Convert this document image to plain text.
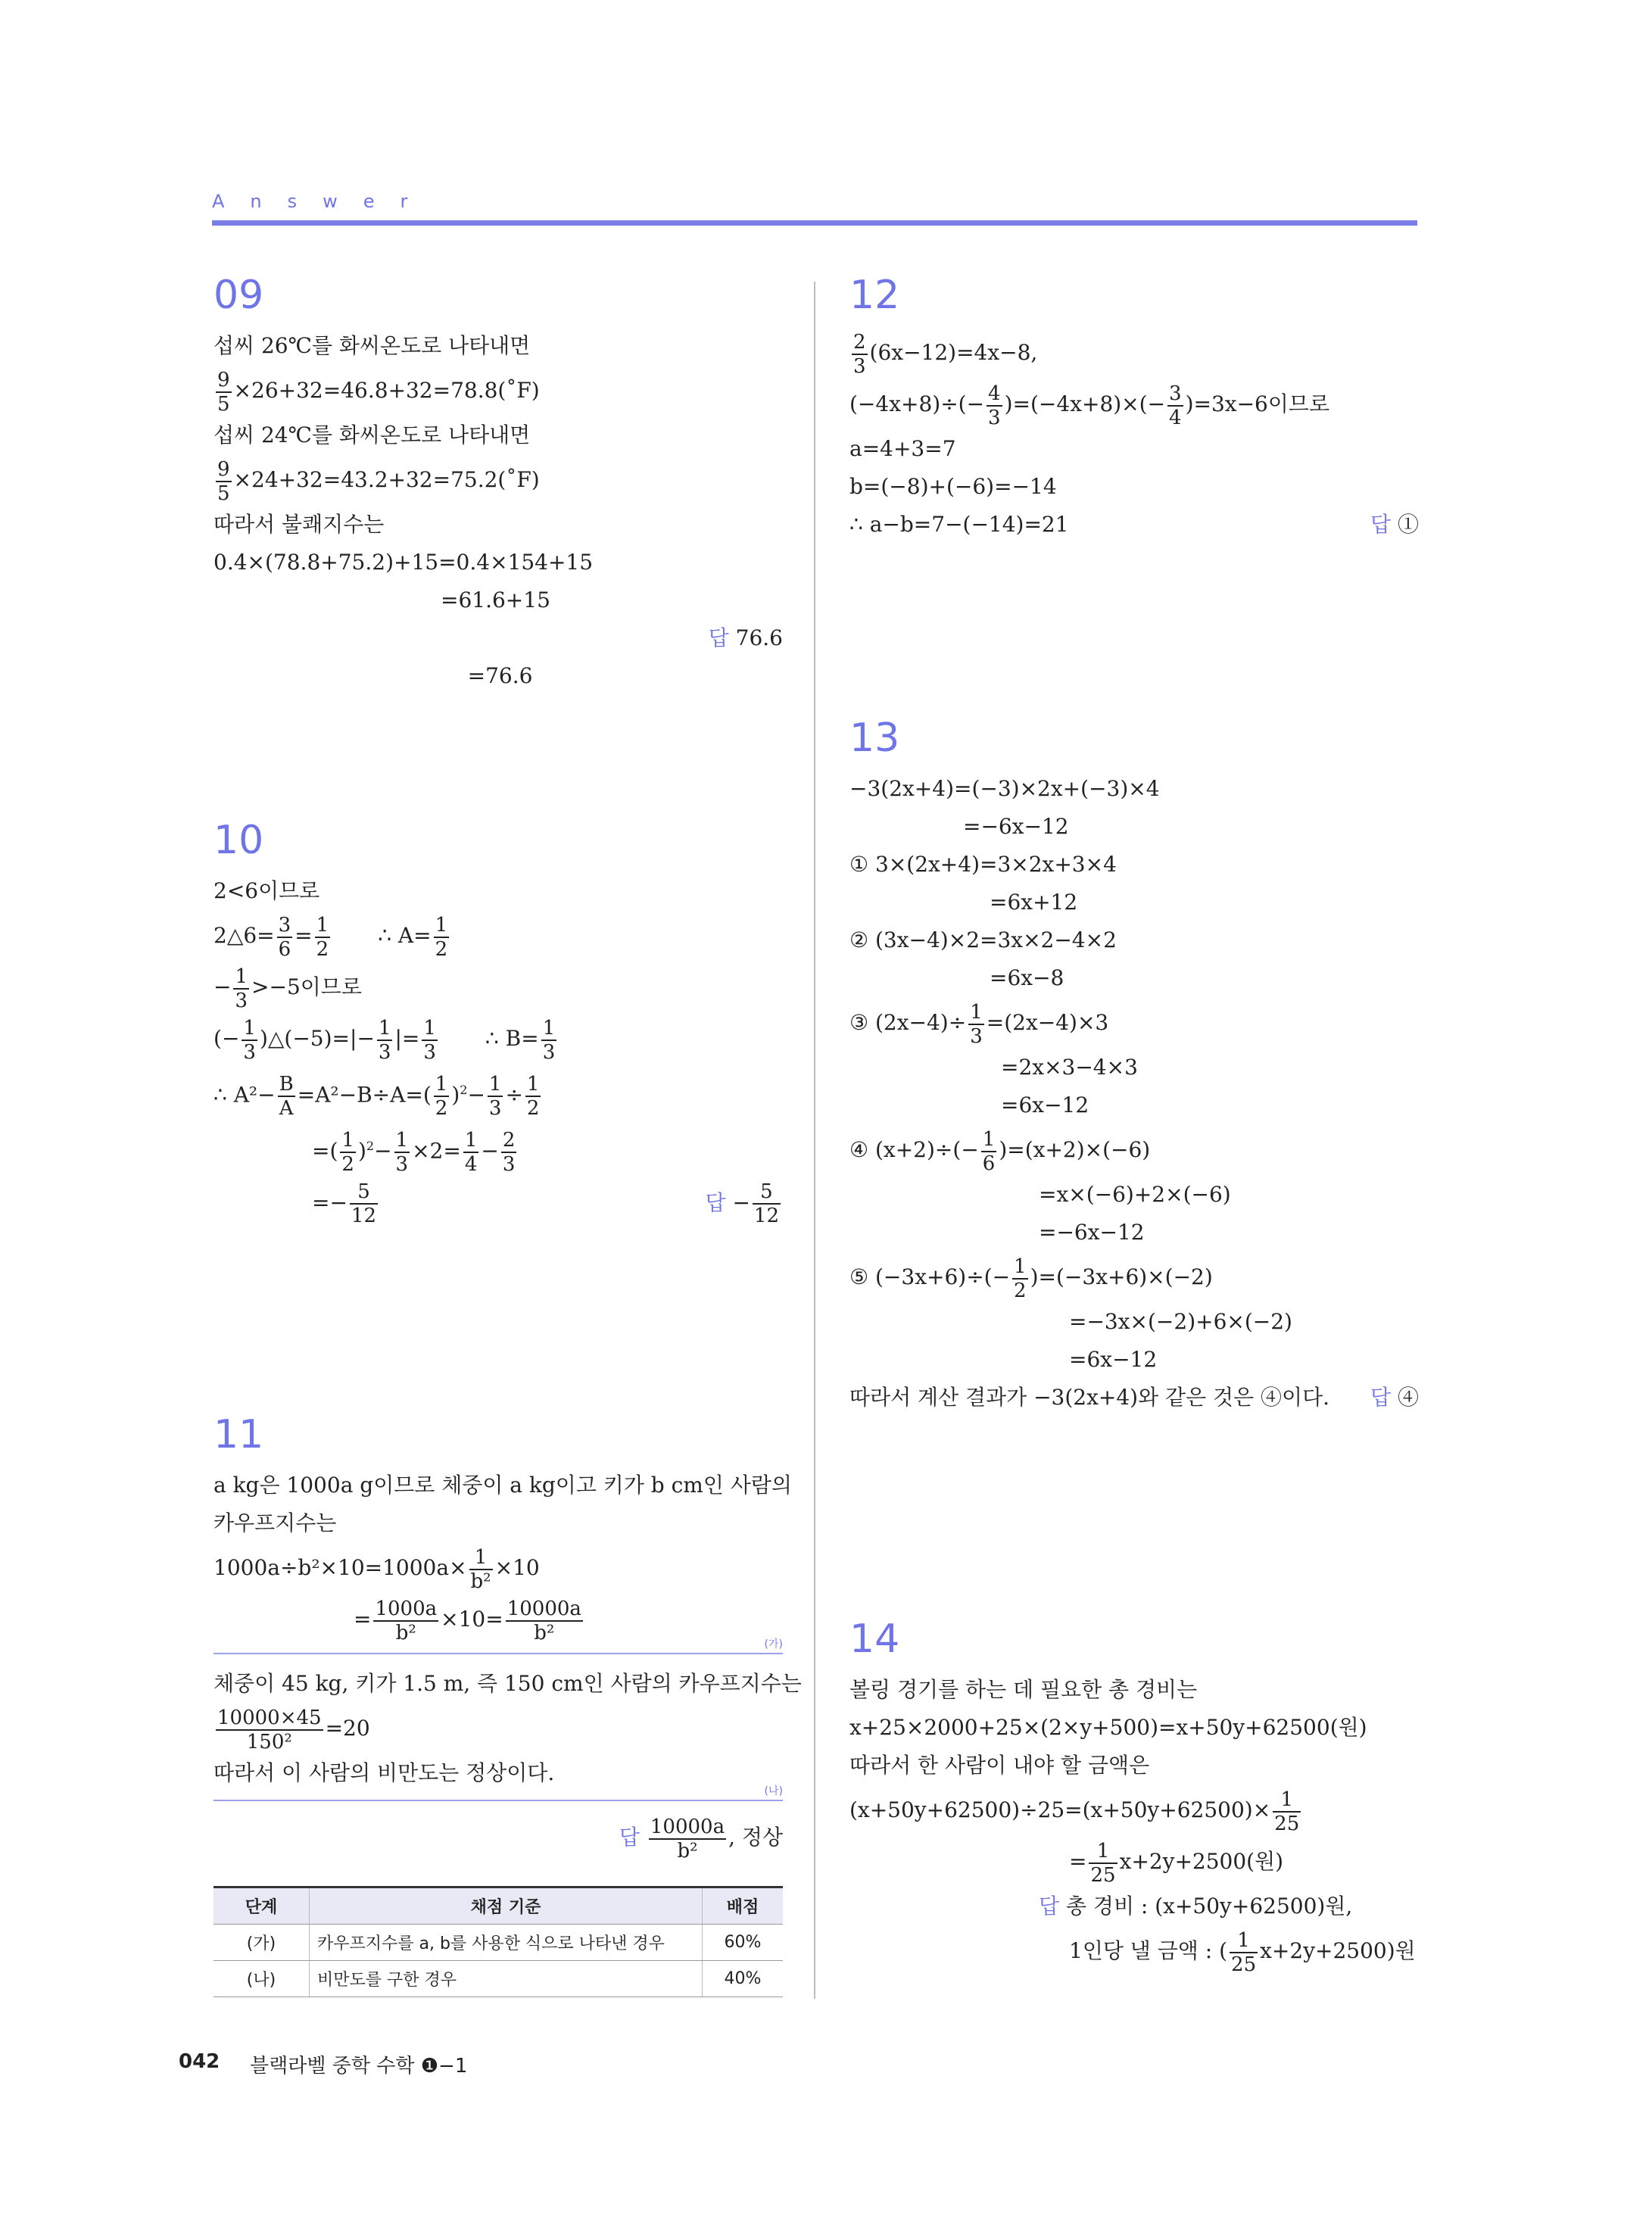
Answer
09
섭씨 26℃를 화씨온도로 나타내면
$\frac{9}{5}$ ×26+32=46.8+32=78.8(˚F)
섭씨 24℃를 화씨온도로 나타내면
$\frac{9}{5}$ ×24+32=43.2+32=75.2(˚F)
따라서 불쾌지수는
0.4×(78.8+75.2)+15=0.4×154+15
=61.6+15

=76.6

답 76.6

10
2<6이므로
2△6= $\frac{3}{6} = \frac{1}{2}$ ∴ $A= \frac{1}{2}$
− $\frac{1}{3} >-5$이므로
(− $\frac{1}{3}$ )△(−5)=|− $\frac{1}{3}$ |= $\frac{1}{3}$ ∴ $B= \frac{1}{3}$
∴ $A^2- \frac{B}{A} =A^2-B\div A=( \frac{1}{2} )^2- \frac{1}{3} \div \frac{1}{2}$
=( $\frac{1}{2} )^2- \frac{1}{3} \times 2= \frac{1}{4} - \frac{2}{3}$
=− $\frac{5}{12}$

	답 − $\frac{5}{12}$

11
a kg은 1000a g이므로 체중이 a kg이고 키가 b cm인 사람의
카우프지수는
$1000a\div b^2\times 10=1000a\times \frac{1}{\text{b²}} \times 10$
= $\frac{1000a}{\text{b²}} \times 10= \frac{10000a}{\text{b²}}$
(가)
체중이 45 kg, 키가 1.5 m, 즉 150 cm인 사람의 카우프지수는
$\frac{10000\times 45}{\text{150²}} =20$
따라서 이 사람의 비만도는 정상이다.
(나)
답 $\frac{10000a}{\text{b²}}$ , 정상
단계	채점 기준	배점
(가)	카우프지수를 a, b를 사용한 식으로 나타낸 경우	60%
(나)	비만도를 구한 경우	40%
12
$\frac{2}{3} (6x-12)=4x-8$,
$(-4x+8)\div(- \frac{4}{3} )=(-4x+8)\times(- \frac{3}{4} )=3x-6$이므로
a=4+3=7
b=(−8)+(−6)=−14
∴ a−b=7−(−14)=21
	답 ①

13
−3(2x+4)=(−3)×2x+(−3)×4
=−6x−12
① 3×(2x+4)=3×2x+3×4
=6x+12
② (3x−4)×2=3x×2−4×2
=6x−8
③ $(2x-4)\div \frac{1}{3} =(2x-4)\times 3$
=2x×3−4×3
=6x−12
④ $(x+2)\div(- \frac{1}{6} )=(x+2)\times(-6)$
=x×(−6)+2×(−6)
=−6x−12
⑤ $(-3x+6)\div(- \frac{1}{2} )=(-3x+6)\times(-2)$
=−3x×(−2)+6×(−2)
=6x−12
따라서 계산 결과가 −3(2x+4)와 같은 것은 ④이다.
답 ④

14
볼링 경기를 하는 데 필요한 총 경비는
x+25×2000+25×(2×y+500)=x+50y+62500(원)
따라서 한 사람이 내야 할 금액은
$(x+50y+62500)\div 25=(x+50y+62500)\times \frac{1}{25}$
= $\frac{1}{25} x+2y+2500$(원)
답 총 경비 : (x+50y+62500)원,
1인당 낼 금액 : ( $\frac{1}{25} x+2y+2500$)원
042 블랙라벨 중학 수학 ❶−1
